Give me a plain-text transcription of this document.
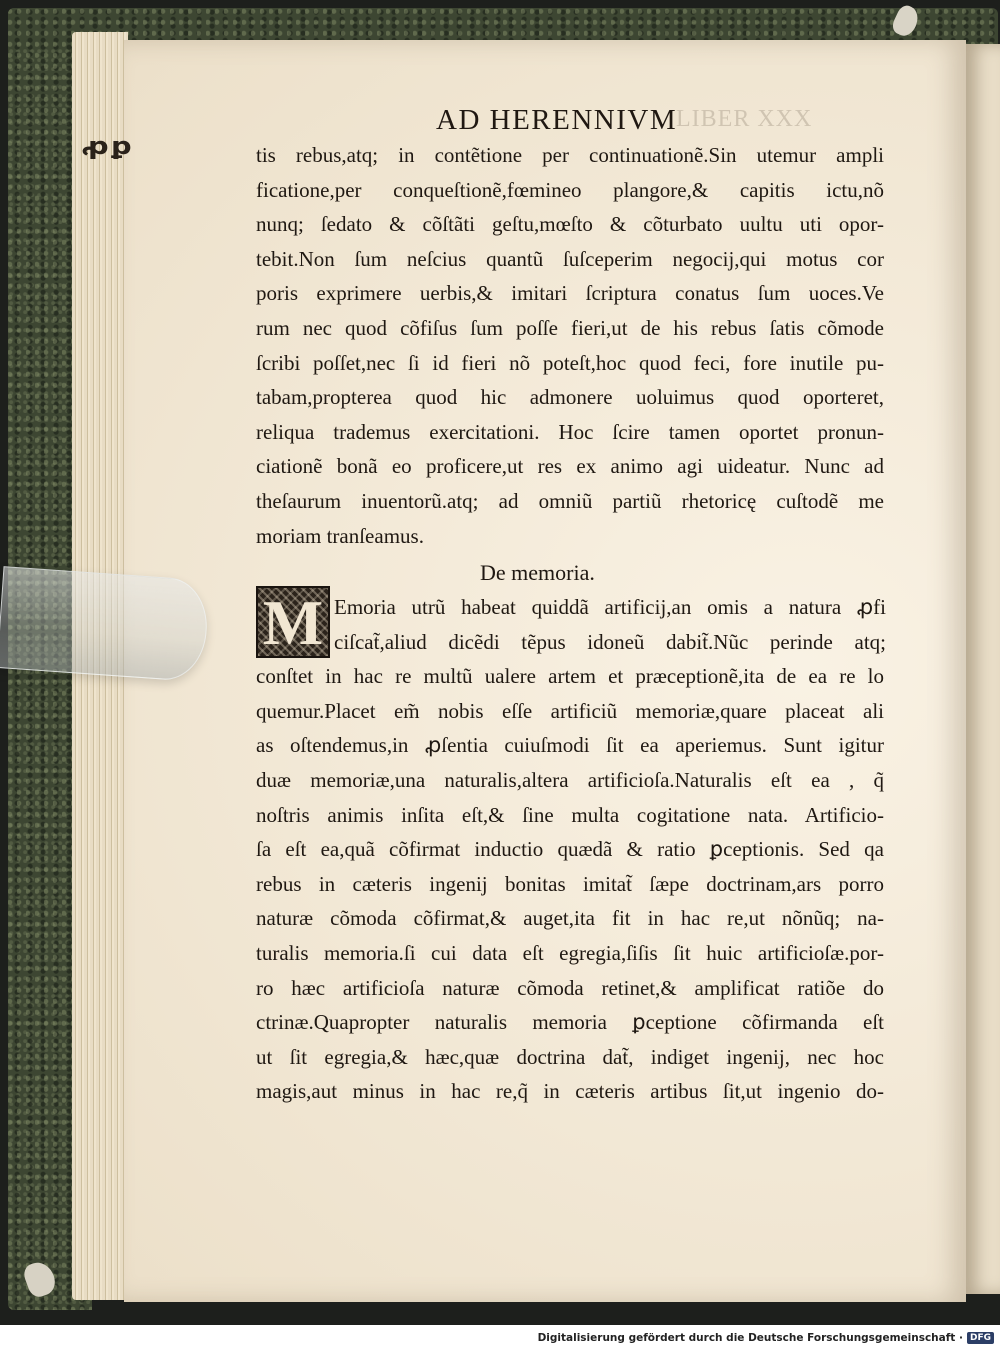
ꝓꝑ
AD HERENNIVM
LIBER XXX
tis rebus,atq; in contẽtione per continuationẽ.Sin utemur ampli
ficatione,per conqueſtionẽ,fœmineo plangore,& capitis ictu,nõ
nunq; ſedato & cõſtãti geſtu,mœſto & cõturbato uultu uti opor-
tebit.Non ſum neſcius quantũ ſuſceperim negocij,qui motus cor
poris exprimere uerbis,& imitari ſcriptura conatus ſum uoces.Ve
rum nec quod cõfiſus ſum poſſe fieri,ut de his rebus ſatis cõmode
ſcribi poſſet,nec ſi id fieri nõ poteſt,hoc quod feci, fore inutile pu-
tabam,propterea quod hic admonere uoluimus quod oporteret,
reliqua trademus exercitationi. Hoc ſcire tamen oportet pronun-
ciationẽ bonã eo proficere,ut res ex animo agi uideatur. Nunc ad
theſaurum inuentorũ.atq; ad omniũ partiũ rhetoricę cuſtodẽ me
moriam tranſeamus.
De memoria.
M Emoria utrũ habeat quiddã artificij,an omis a natura ꝓfi
ciſcat̃,aliud dicẽdi tẽpus idoneũ dabit̃.Nũc perinde atq;
conſtet in hac re multũ ualere artem et præceptionẽ,ita de ea re lo
quemur.Placet em̃ nobis eſſe artificiũ memoriæ,quare placeat ali
as oſtendemus,in ꝓſentia cuiuſmodi ſit ea aperiemus. Sunt igitur
duæ memoriæ,una naturalis,altera artificioſa.Naturalis eſt ea , q̃
noſtris animis inſita eſt,& ſine multa cogitatione nata. Artificio-
ſa eſt ea,quã cõfirmat inductio quædã & ratio ꝑceptionis. Sed qa
rebus in cæteris ingenij bonitas imitat̃ ſæpe doctrinam,ars porro
naturæ cõmoda cõfirmat,& auget,ita fit in hac re,ut nõnũq; na-
turalis memoria.ſi cui data eſt egregia,ſiſis ſit huic artificioſæ.por-
ro hæc artificioſa naturæ cõmoda retinet,& amplificat ratiõe do
ctrinæ.Quapropter naturalis memoria ꝑceptione cõfirmanda eſt
ut ſit egregia,& hæc,quæ doctrina dat̃, indiget ingenij, nec hoc
magis,aut minus in hac re,q̃ in cæteris artibus ſit,ut ingenio do-
Digitalisierung gefördert durch die Deutsche Forschungsgemeinschaft · DFG
